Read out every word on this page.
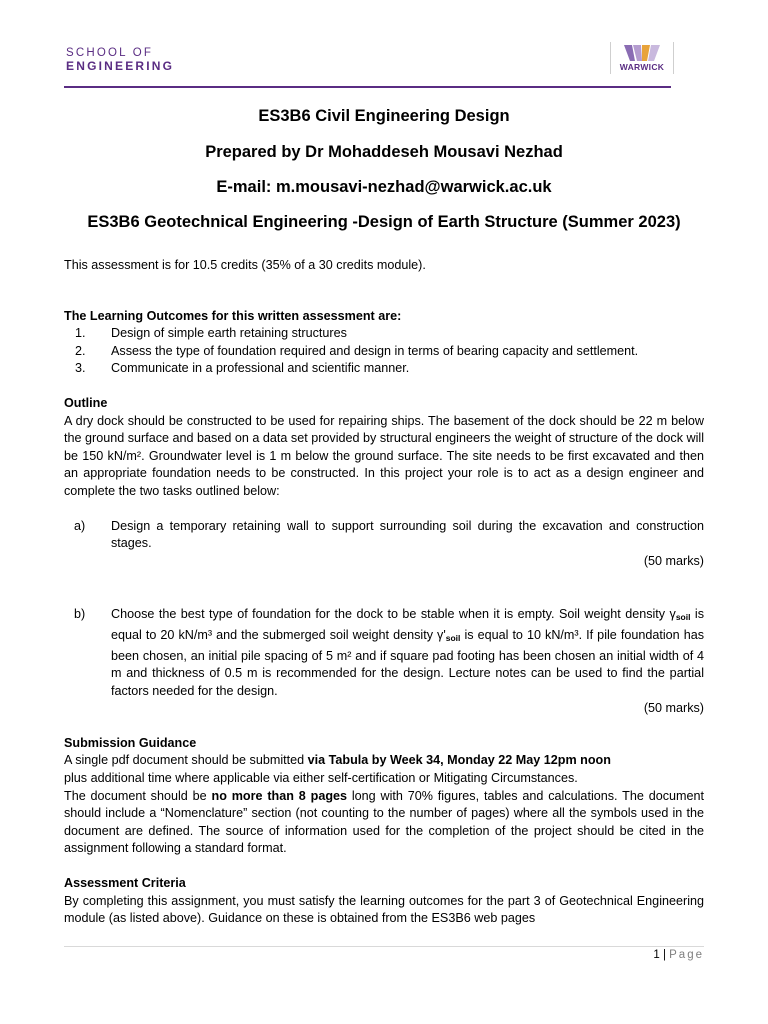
SCHOOL OF
ENGINEERING	WARWICK
ES3B6 Civil Engineering Design
Prepared by Dr Mohaddeseh Mousavi Nezhad
E-mail: m.mousavi-nezhad@warwick.ac.uk
ES3B6 Geotechnical Engineering -Design of Earth Structure (Summer 2023)

This assessment is for 10.5 credits (35% of a 30 credits module).

The Learning Outcomes for this written assessment are:

1. Design of simple earth retaining structures
2. Assess the type of foundation required and design in terms of bearing capacity and settlement.
3. Communicate in a professional and scientific manner.

Outline

A dry dock should be constructed to be used for repairing ships. The basement of the dock should be 22 m below the ground surface and based on a data set provided by structural engineers the weight of structure of the dock will be 150 kN/m². Groundwater level is 1 m below the ground surface. The site needs to be first excavated and then an appropriate foundation needs to be constructed. In this project your role is to act as a design engineer and complete the two tasks outlined below:

a) Design a temporary retaining wall to support surrounding soil during the excavation and construction stages.
(50 marks)
b) Choose the best type of foundation for the dock to be stable when it is empty. Soil weight density $\gamma_{soil}$ is equal to 20 kN/m³ and the submerged soil weight density $\gamma'_{soil}$ is equal to 10 kN/m³. If pile foundation has been chosen, an initial pile spacing of 5 m² and if square pad footing has been chosen an initial width of 4 m and thickness of 0.5 m is recommended for the design. Lecture notes can be used to find the partial factors needed for the design.
(50 marks)

Submission Guidance

A single pdf document should be submitted via Tabula by Week 34, Monday 22 May 12pm noon

plus additional time where applicable via either self-certification or Mitigating Circumstances.

The document should be no more than 8 pages long with 70% figures, tables and calculations. The document should include a “Nomenclature” section (not counting to the number of pages) where all the symbols used in the document are defined. The source of information used for the completion of the project should be cited in the assignment following a standard format.

Assessment Criteria

By completing this assignment, you must satisfy the learning outcomes for the part 3 of Geotechnical Engineering module (as listed above). Guidance on these is obtained from the ES3B6 web pages

1 | Page
